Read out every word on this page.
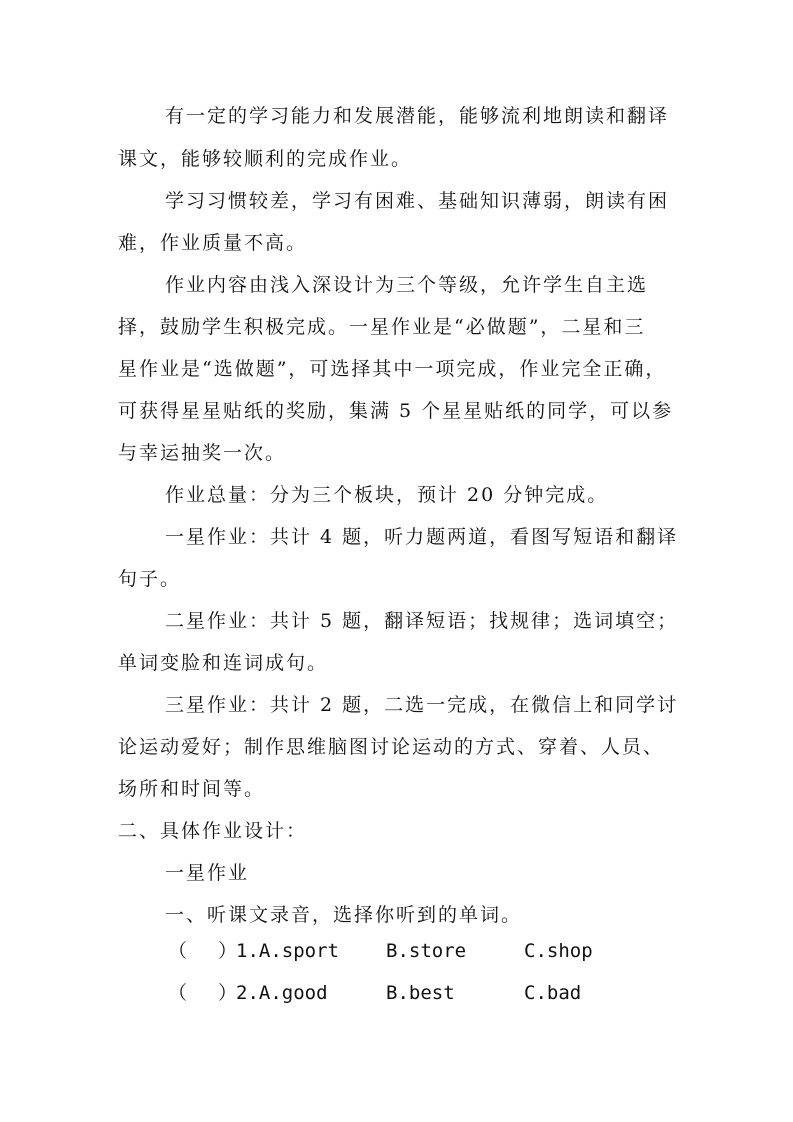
有一定的学习能力和发展潜能，能够流利地朗读和翻译
课文，能够较顺利的完成作业。
学习习惯较差，学习有困难、基础知识薄弱，朗读有困
难，作业质量不高。
作业内容由浅入深设计为三个等级，允许学生自主选
择，鼓励学生积极完成。一星作业是“必做题”，二星和三
星作业是“选做题”，可选择其中一项完成，作业完全正确，
可获得星星贴纸的奖励，集满 5 个星星贴纸的同学，可以参
与幸运抽奖一次。
作业总量：分为三个板块，预计 20 分钟完成。
一星作业：共计 4 题，听力题两道，看图写短语和翻译
句子。
二星作业：共计 5 题，翻译短语；找规律；选词填空；
单词变脸和连词成句。
三星作业：共计 2 题，二选一完成，在微信上和同学讨
论运动爱好；制作思维脑图讨论运动的方式、穿着、人员、
场所和时间等。
二、具体作业设计：
一星作业
一、听课文录音，选择你听到的单词。
（ ）
1.A.sport B.store	C.shop
（ ）
2.A.good	B.best	C.bad
